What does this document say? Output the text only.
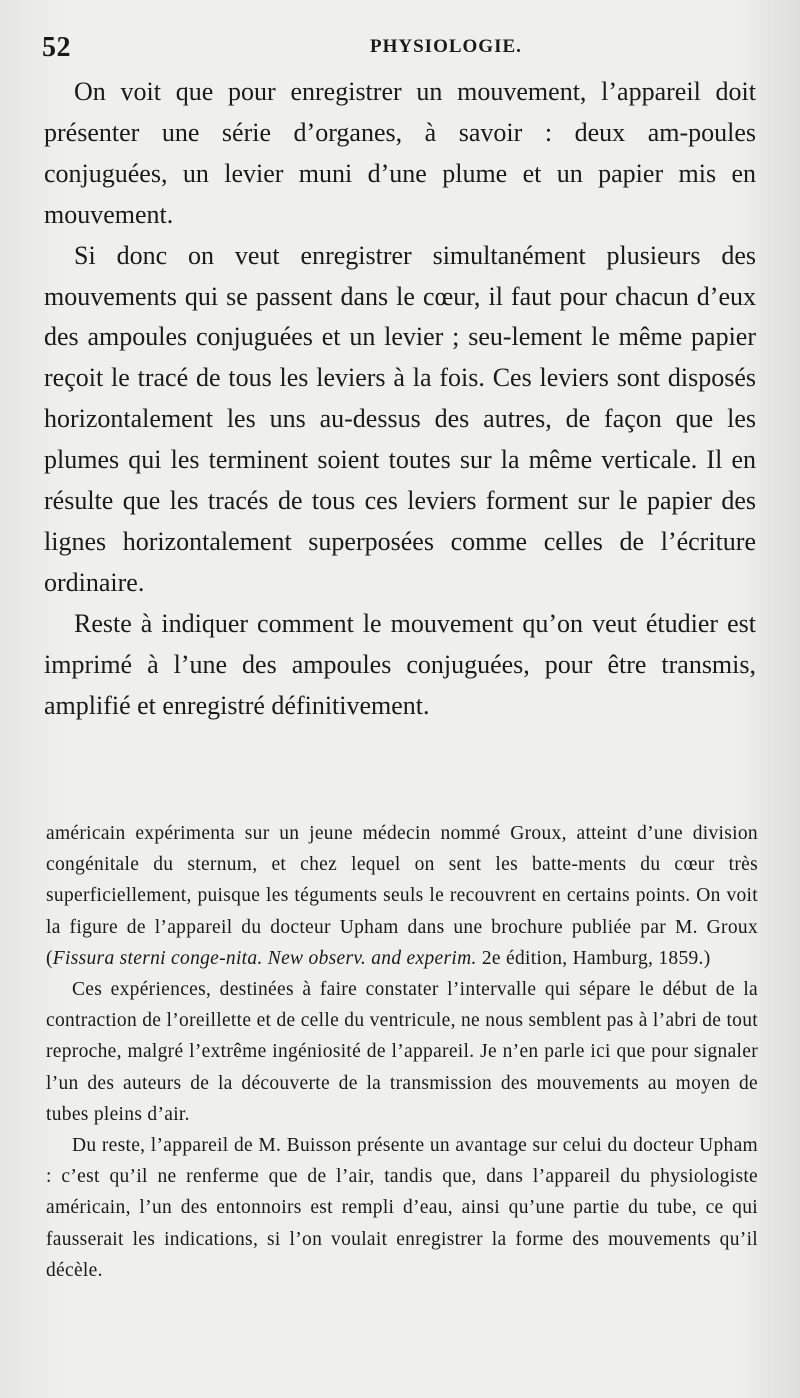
52	PHYSIOLOGIE.

On voit que pour enregistrer un mouvement, l’appareil doit présenter une série d’organes, à savoir : deux am-poules conjuguées, un levier muni d’une plume et un papier mis en mouvement.

Si donc on veut enregistrer simultanément plusieurs des mouvements qui se passent dans le cœur, il faut pour chacun d’eux des ampoules conjuguées et un levier ; seu-lement le même papier reçoit le tracé de tous les leviers à la fois. Ces leviers sont disposés horizontalement les uns au-dessus des autres, de façon que les plumes qui les terminent soient toutes sur la même verticale. Il en résulte que les tracés de tous ces leviers forment sur le papier des lignes horizontalement superposées comme celles de l’écriture ordinaire.

Reste à indiquer comment le mouvement qu’on veut étudier est imprimé à l’une des ampoules conjuguées, pour être transmis, amplifié et enregistré définitivement.

américain expérimenta sur un jeune médecin nommé Groux, atteint d’une division congénitale du sternum, et chez lequel on sent les batte-ments du cœur très superficiellement, puisque les téguments seuls le recouvrent en certains points. On voit la figure de l’appareil du docteur Upham dans une brochure publiée par M. Groux (Fissura sterni conge-nita. New observ. and experim. 2e édition, Hamburg, 1859.)

Ces expériences, destinées à faire constater l’intervalle qui sépare le début de la contraction de l’oreillette et de celle du ventricule, ne nous semblent pas à l’abri de tout reproche, malgré l’extrême ingéniosité de l’appareil. Je n’en parle ici que pour signaler l’un des auteurs de la découverte de la transmission des mouvements au moyen de tubes pleins d’air.

Du reste, l’appareil de M. Buisson présente un avantage sur celui du docteur Upham : c’est qu’il ne renferme que de l’air, tandis que, dans l’appareil du physiologiste américain, l’un des entonnoirs est rempli d’eau, ainsi qu’une partie du tube, ce qui fausserait les indications, si l’on voulait enregistrer la forme des mouvements qu’il décèle.
